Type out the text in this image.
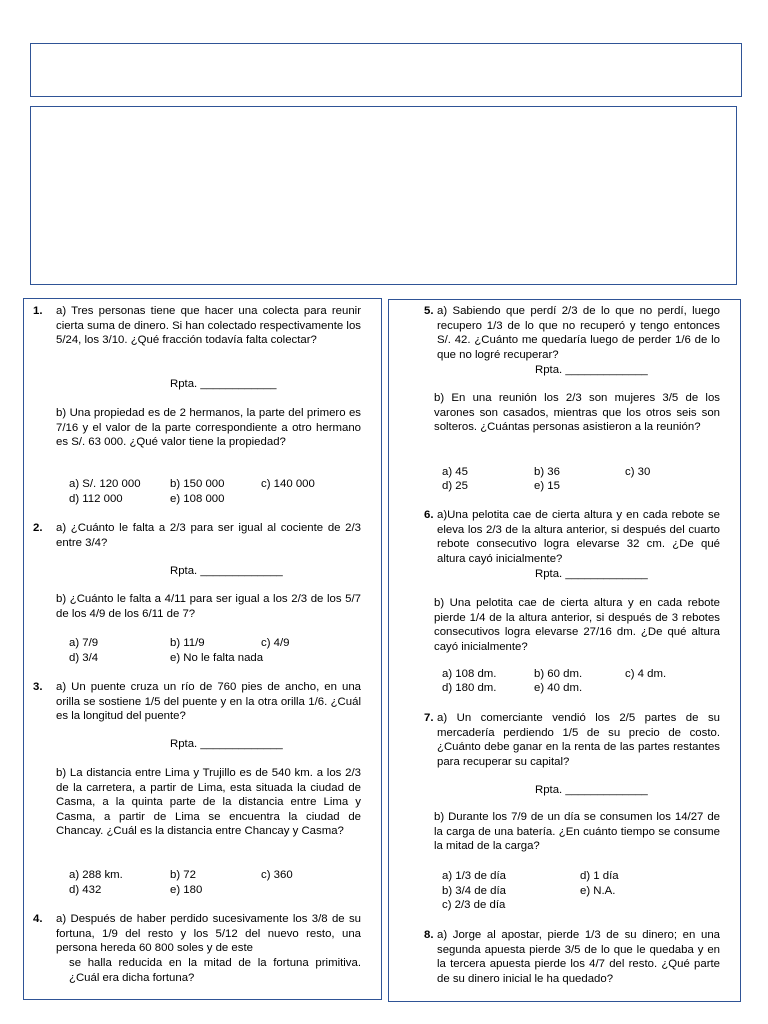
1. a) Tres personas tiene que hacer una colecta para reunir cierta suma de dinero. Si han colectado respectivamente los 5/24, los 3/10. ¿Qué fracción todavía falta colectar?

Rpta. ____________

b) Una propiedad es de 2 hermanos, la parte del primero es 7/16 y el valor de la parte correspondiente a otro hermano es S/. 63 000. ¿Qué valor tiene la propiedad?

a) S/. 120 000	b) 150 000	c) 140 000
d) 112 000	e) 108 000
2. a) ¿Cuánto le falta a 2/3 para ser igual al cociente de 2/3 entre 3/4?

Rpta. _____________

b) ¿Cuánto le falta a 4/11 para ser igual a los 2/3 de los 5/7 de los 4/9 de los 6/11 de 7?

a) 7/9	b) 11/9	c) 4/9
d) 3/4	e) No le falta nada
3. a) Un puente cruza un río de 760 pies de ancho, en una orilla se sostiene 1/5 del puente y en la otra orilla 1/6. ¿Cuál es la longitud del puente?

Rpta. _____________

b) La distancia entre Lima y Trujillo es de 540 km. a los 2/3 de la carretera, a partir de Lima, esta situada la ciudad de Casma, a la quinta parte de la distancia entre Lima y Casma, a partir de Lima se encuentra la ciudad de Chancay. ¿Cuál es la distancia entre Chancay y Casma?

a) 288 km.	b) 72	c) 360
d) 432	e) 180
4. a) Después de haber perdido sucesivamente los 3/8 de su fortuna, 1/9 del resto y los 5/12 del nuevo resto, una persona hereda 60 800 soles y de este

se halla reducida en la mitad de la fortuna primitiva. ¿Cuál era dicha fortuna?

5. a) Sabiendo que perdí 2/3 de lo que no perdí, luego recupero 1/3 de lo que no recuperó y tengo entonces S/. 42. ¿Cuánto me quedaría luego de perder 1/6 de lo que no logré recuperar?

Rpta. _____________

b) En una reunión los 2/3 son mujeres 3/5 de los varones son casados, mientras que los otros seis son solteros. ¿Cuántas personas asistieron a la reunión?

a) 45	b) 36	c) 30
d) 25	e) 15
6. a)Una pelotita cae de cierta altura y en cada rebote se eleva los 2/3 de la altura anterior, si después del cuarto rebote consecutivo logra elevarse 32 cm. ¿De qué altura cayó inicialmente?

Rpta. _____________

b) Una pelotita cae de cierta altura y en cada rebote pierde 1/4 de la altura anterior, si después de 3 rebotes consecutivos logra elevarse 27/16 dm. ¿De qué altura cayó inicialmente?

a) 108 dm.	b) 60 dm.	c) 4 dm.
d) 180 dm.	e) 40 dm.
7. a) Un comerciante vendió los 2/5 partes de su mercadería perdiendo 1/5 de su precio de costo. ¿Cuánto debe ganar en la renta de las partes restantes para recuperar su capital?

Rpta. _____________

b) Durante los 7/9 de un día se consumen los 14/27 de la carga de una batería. ¿En cuánto tiempo se consume la mitad de la carga?

a) 1/3 de día	d) 1 día
b) 3/4 de día	e) N.A.
c) 2/3 de día
8. a) Jorge al apostar, pierde 1/3 de su dinero; en una segunda apuesta pierde 3/5 de lo que le quedaba y en la tercera apuesta pierde los 4/7 del resto. ¿Qué parte de su dinero inicial le ha quedado?
